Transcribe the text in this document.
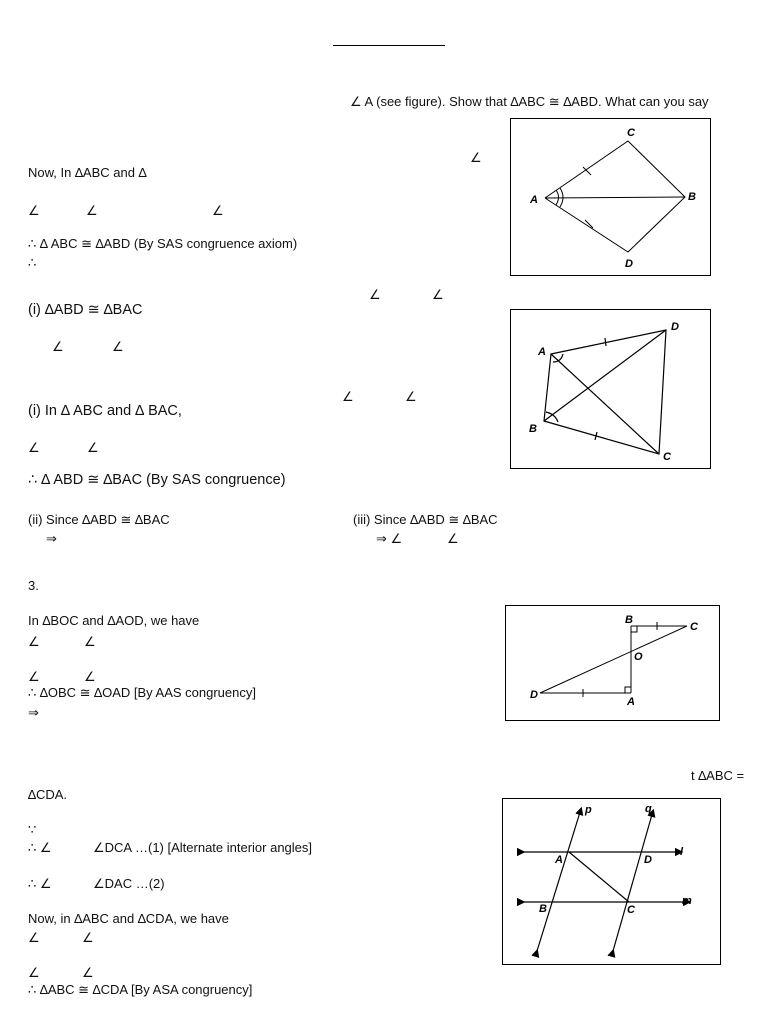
∠ A (see figure). Show that ∆ABC ≅ ∆ABD. What can you say
∠
Now, In ∆ABC and ∆
∠	∠	∠
∴ ∆ ABC ≅ ∆ABD (By SAS congruence axiom)
∴
∠	∠
(i) ∆ABD ≅ ∆BAC
∠	∠
∠	∠
(i) In ∆ ABC and ∆ BAC,
∠	∠
∴ ∆ ABD ≅ ∆BAC (By SAS congruence)
(ii) Since ∆ABD ≅ ∆BAC	(iii) Since ∆ABD ≅ ∆BAC
⇒	⇒ ∠	∠
3.
In ∆BOC and ∆AOD, we have
∠	∠
∠	∠
∴ ∆OBC ≅ ∆OAD [By AAS congruency]
⇒
t ∆ABC =
∆CDA.
∵
∴ ∠	∠DCA …(1) [Alternate interior angles]
∴ ∠	∠DAC …(2)
Now, in ∆ABC and ∆CDA, we have
∠	∠
∠	∠
∴ ∆ABC ≅ ∆CDA [By ASA congruency]
C
A	B
D
A
D
B
C
B
C
O
D
A
p	q
l
m
A	D
B	C
